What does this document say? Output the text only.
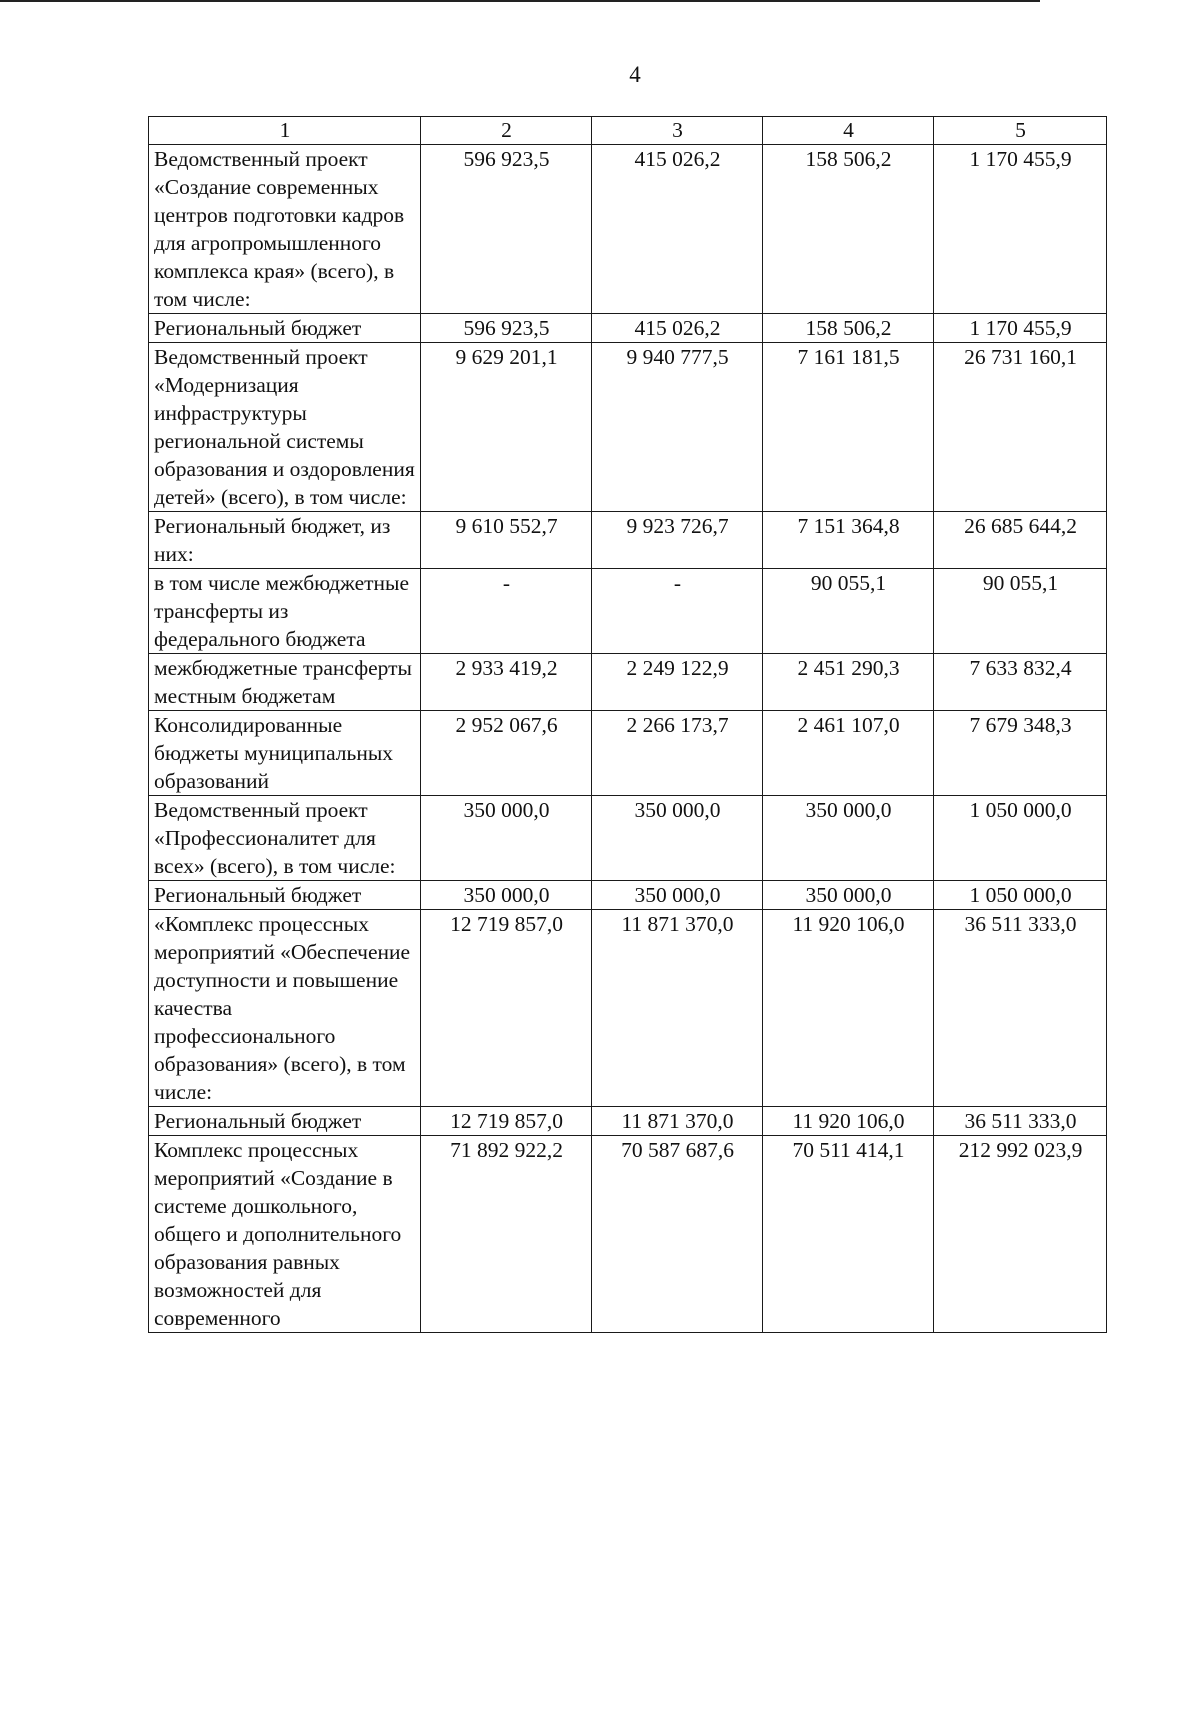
4
1	2	3	4	5
Ведомственный проект «Создание современных центров подготовки кадров для агропромышленного комплекса края» (всего), в том числе:	596 923,5	415 026,2	158 506,2	1 170 455,9
Региональный бюджет	596 923,5	415 026,2	158 506,2	1 170 455,9
Ведомственный проект «Модернизация инфраструктуры региональной системы образования и оздоровления детей» (всего), в том числе:	9 629 201,1	9 940 777,5	7 161 181,5	26 731 160,1
Региональный бюджет, из них:	9 610 552,7	9 923 726,7	7 151 364,8	26 685 644,2
в том числе межбюджетные трансферты из федерального бюджета	-	-	90 055,1	90 055,1
межбюджетные трансферты местным бюджетам	2 933 419,2	2 249 122,9	2 451 290,3	7 633 832,4
Консолидированные бюджеты муниципальных образований	2 952 067,6	2 266 173,7	2 461 107,0	7 679 348,3
Ведомственный проект «Профессионалитет для всех» (всего), в том числе:	350 000,0	350 000,0	350 000,0	1 050 000,0
Региональный бюджет	350 000,0	350 000,0	350 000,0	1 050 000,0
«Комплекс процессных мероприятий «Обеспечение доступности и повышение качества профессионального образования» (всего), в том числе:	12 719 857,0	11 871 370,0	11 920 106,0	36 511 333,0
Региональный бюджет	12 719 857,0	11 871 370,0	11 920 106,0	36 511 333,0
Комплекс процессных мероприятий «Создание в системе дошкольного, общего и дополнительного образования равных возможностей для современного	71 892 922,2	70 587 687,6	70 511 414,1	212 992 023,9
